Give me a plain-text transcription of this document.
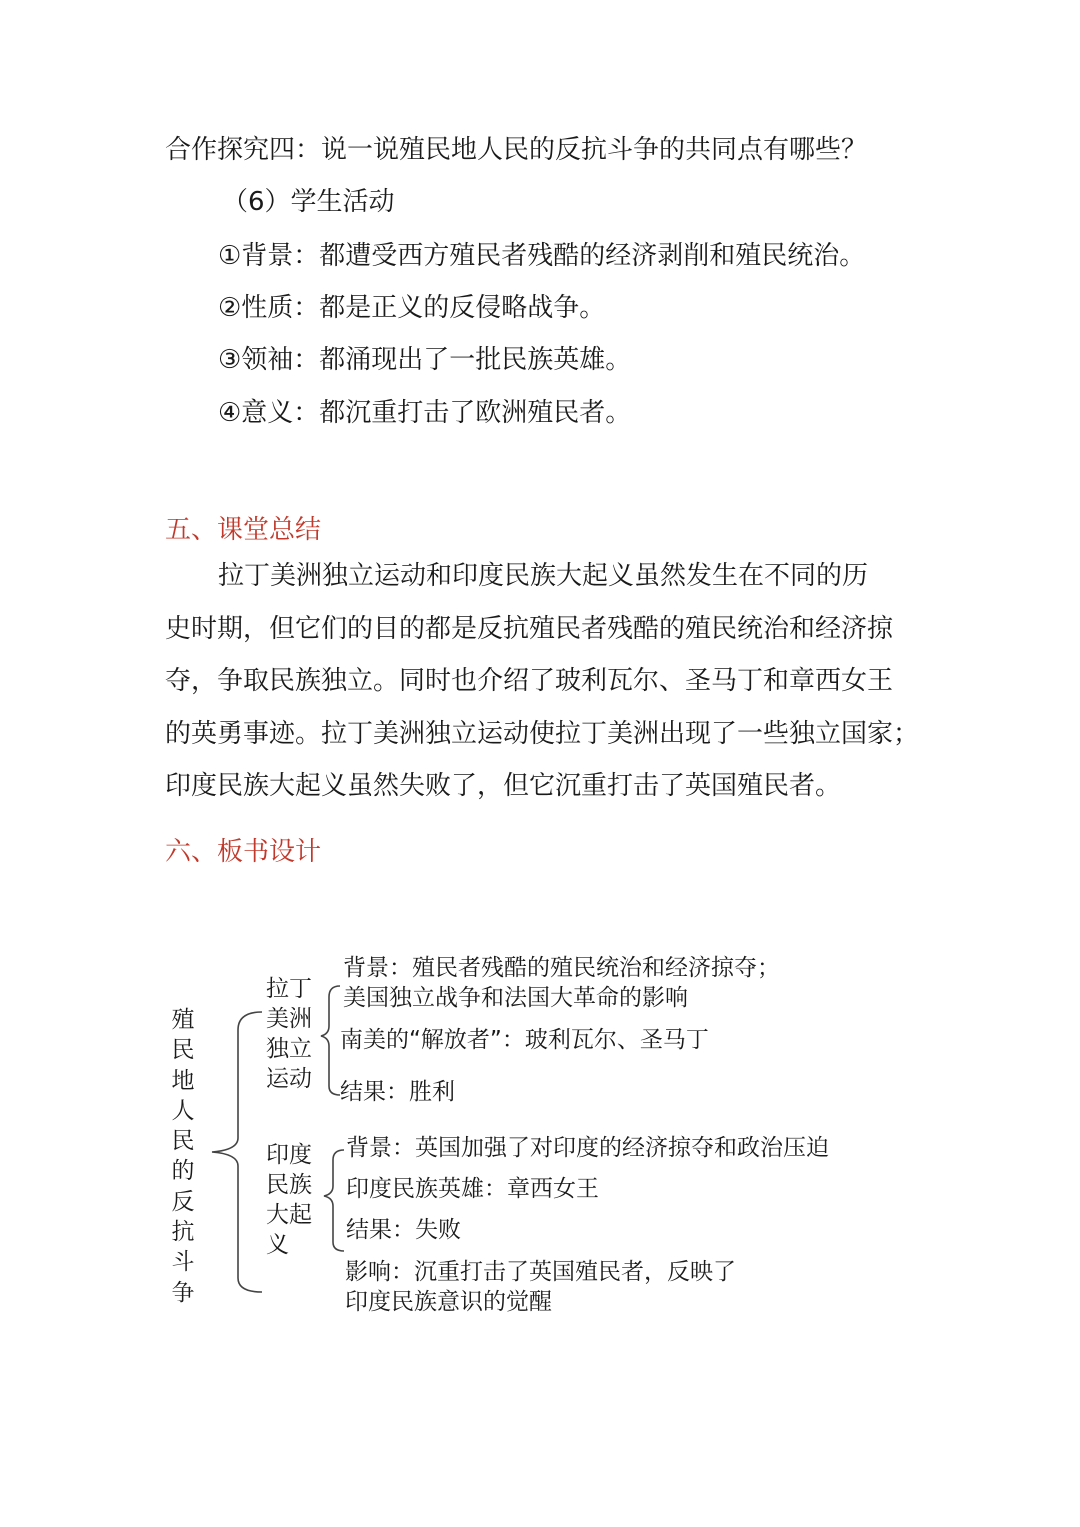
合作探究四：说一说殖民地人民的反抗斗争的共同点有哪些？
（6）学生活动
①背景：都遭受西方殖民者残酷的经济剥削和殖民统治。
②性质：都是正义的反侵略战争。
③领袖：都涌现出了一批民族英雄。
④意义：都沉重打击了欧洲殖民者。
五、课堂总结
拉丁美洲独立运动和印度民族大起义虽然发生在不同的历
史时期，但它们的目的都是反抗殖民者残酷的殖民统治和经济掠
夺，争取民族独立。同时也介绍了玻利瓦尔、圣马丁和章西女王
的英勇事迹。拉丁美洲独立运动使拉丁美洲出现了一些独立国家；
印度民族大起义虽然失败了，但它沉重打击了英国殖民者。
六、板书设计
殖
民
地
人
民
的
反
抗
斗
争
拉丁
美洲
独立
运动
背景：殖民者残酷的殖民统治和经济掠夺；
美国独立战争和法国大革命的影响
南美的“解放者”：玻利瓦尔、圣马丁
结果：胜利
印度
民族
大起
义
背景：英国加强了对印度的经济掠夺和政治压迫
印度民族英雄：章西女王
结果：失败
影响：沉重打击了英国殖民者，反映了
印度民族意识的觉醒
